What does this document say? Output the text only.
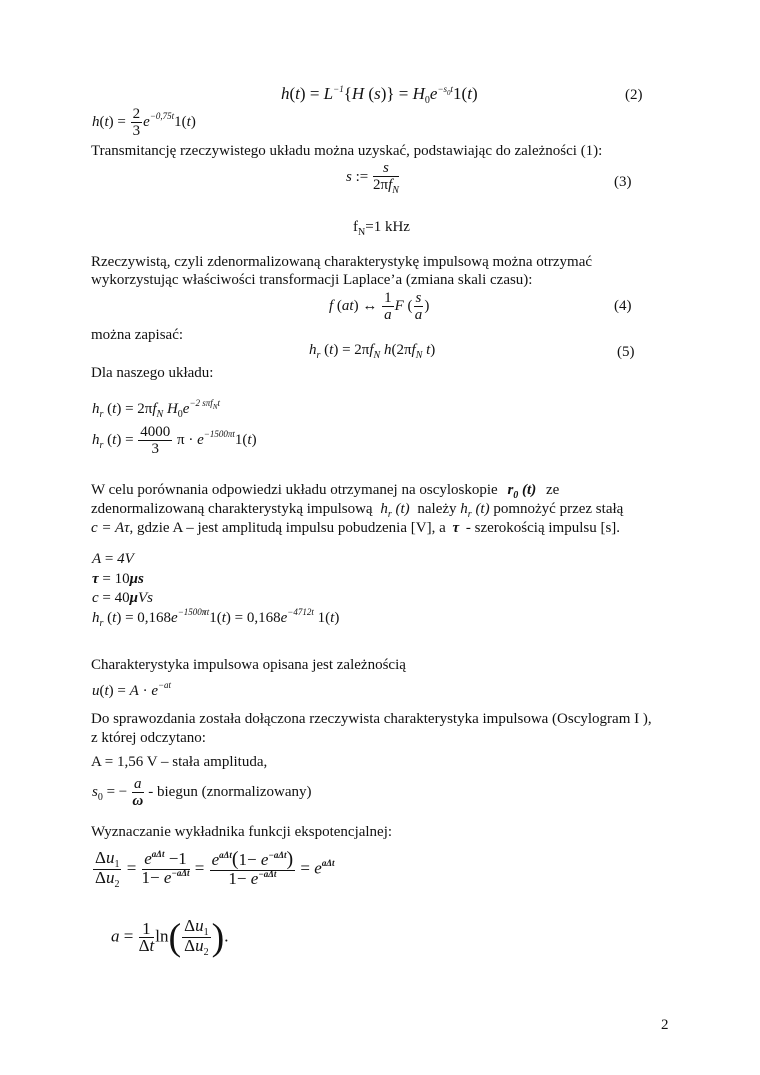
$h(t) = L^{-1}\{H$ $(s)\} = H_0e^{-s_0t}1(t)$	(2)
$h(t) = \frac{2}{3} e^{-0,75t}1(t)$
Transmitancję rzeczywistego układu można uzyskać, podstawiając do zależności (1):
s := $\frac{s}{2\pi f_N}$	(3)
$f_N=1$ kHz
Rzeczywistą, czyli zdenormalizowaną charakterystykę impulsową można otrzymać
wykorzystując właściwości transformacji Laplace’a (zmiana skali czasu):
f (at) ↔ $\frac{1}{a}$ F ( $\frac{s}{a}$ )	(4)
można zapisać:
$h_r$ $(t) = 2\pi f_N$ $h(2\pi f_N$ t)	(5)
Dla naszego układu:
$h_r$ $(t) = 2\pi f_N$ $H_0e^{-2 s\pi f_Nt}$
$h_r$ $(t) = \frac{4000}{3}$ $\pi \cdot e^{-1500\pi t}1(t)$
W celu porównania odpowiedzi układu otrzymanej na oscyloskopie $r_0$ (t) ze
zdenormalizowaną charakterystyką impulsową $h_r$ (t) należy $h_r$ (t) pomnożyć przez stałą
c = Aτ, gdzie A – jest amplitudą impulsu pobudzenia [V], a τ - szerokością impulsu [s].
A = 4V
τ = 10μs
c = 40μVs
$h_r$ $(t) = 0,168e^{-1500\pi t}1(t) = 0,168e^{-4712t}$ 1(t)
Charakterystyka impulsowa opisana jest zależnością
$u(t) = A \cdot e^{-at}$
Do sprawozdania została dołączona rzeczywista charakterystyka impulsowa (Oscylogram I ),
z której odczytano:
A = 1,56 V – stała amplituda,
$s_0$ = − $\frac{a}{\omega}$ - biegun (znormalizowany)
Wyznaczanie wykładnika funkcji ekspotencjalnej:
$\frac{\Delta u_1}{\Delta u_2} = \frac{e^{a\Delta t} -1}{1- e^{-a\Delta t}} = \frac{e^{a\Delta t}(1- e^{-a\Delta t})}{1- e^{-a\Delta t}} = e^{a\Delta t}$
$a = \frac{1}{\Delta t} \ln( \frac{\Delta u_1}{\Delta u_2}$ ).
2
